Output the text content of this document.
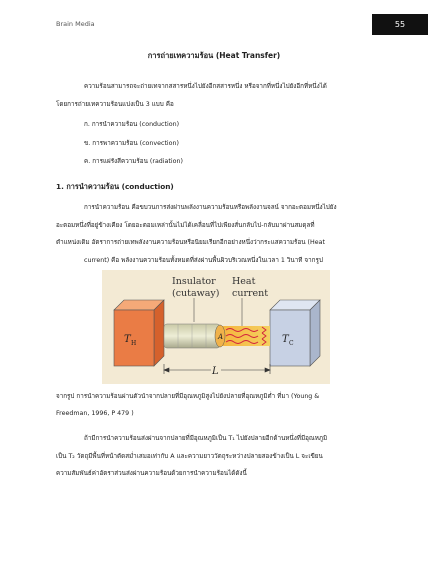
Brain Media	55
การถ่ายเทความร้อน (Heat Transfer)
ความร้อนสามารถจะถ่ายเทจากสสารหนึ่งไปยังอีกสสารหนึ่ง หรือจากที่หนึ่งไปยังอีกที่หนึ่งได้
โดยการถ่ายเทความร้อนแบ่งเป็น 3 แบบ คือ
ก. การนำความร้อน (conduction)
ข. การพาความร้อน (convection)
ค. การแผ่รังสีความร้อน (radiation)
1. การนำความร้อน (conduction)
การนำความร้อน คือขบวนการส่งผ่านพลังงานความร้อนหรือพลังงานจลน์ จากอะตอมหนึ่งไปยัง
อะตอมหนึ่งที่อยู่ข้างเคียง โดยอะตอมเหล่านั้นไม่ได้เคลื่อนที่ไปเพียงสั่นกลับไป-กลับมาผ่านสมดุลที่
ตำแหน่งเดิม อัตราการถ่ายเทพลังงานความร้อนหรือนิยมเรียกอีกอย่างหนึ่งว่ากระแสความร้อน (Heat
current) คือ พลังงานความร้อนทั้งหมดที่ส่งผ่านพื้นผิวบริเวณหนึ่งในเวลา 1 วินาที จากรูป
Insulator
(cutaway)
Heat
current
T H	T C
A
L
จากรูป การนำความร้อนผ่านตัวนำจากปลายที่มีอุณหภูมิสูงไปยังปลายที่อุณหภูมิต่ำ ที่มา (Young &
Freedman, 1996, P 479 )
ถ้ามีการนำความร้อนส่งผ่านจากปลายที่มีอุณหภูมิเป็น T₁ ไปยังปลายอีกด้านหนึ่งที่มีอุณหภูมิ
เป็น T₂ วัตถุมีพื้นที่หน้าตัดสม่ำเสมอเท่ากับ A และความยาววัตถุระหว่างปลายสองข้างเป็น L จะเขียน
ความสัมพันธ์ค่าอัตราส่วนส่งผ่านความร้อนด้วยการนำความร้อนได้ดังนี้
